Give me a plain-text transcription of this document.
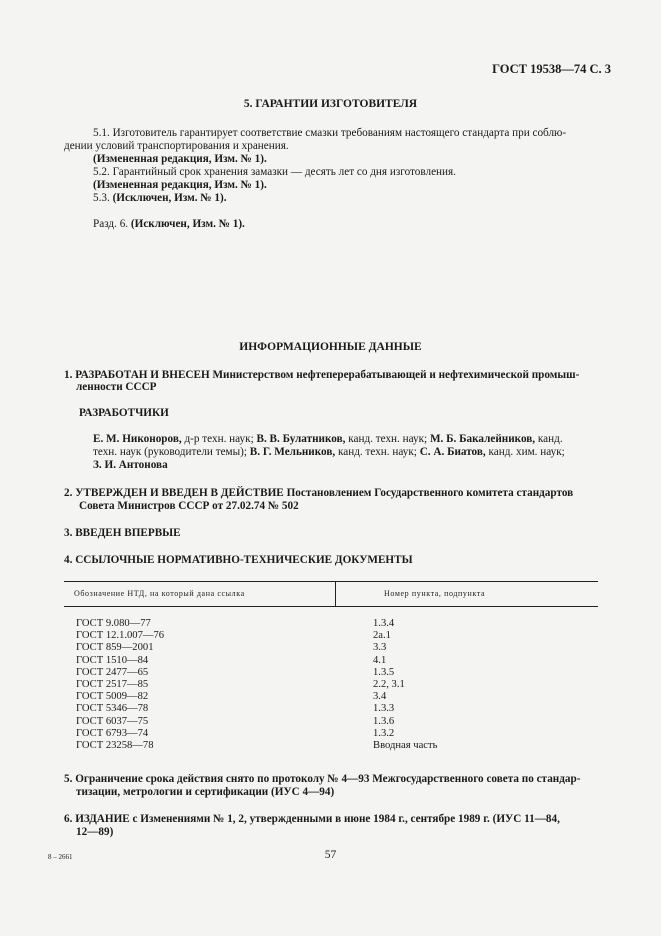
ГОСТ 19538—74 С. 3
5. ГАРАНТИИ ИЗГОТОВИТЕЛЯ
5.1. Изготовитель гарантирует соответствие смазки требованиям настоящего стандарта при соблю-
дении условий транспортирования и хранения.
(Измененная редакция, Изм. № 1).
5.2. Гарантийный срок хранения замазки — десять лет со дня изготовления.
(Измененная редакция, Изм. № 1).
5.3. (Исключен, Изм. № 1).
Разд. 6. (Исключен, Изм. № 1).
ИНФОРМАЦИОННЫЕ ДАННЫЕ
1. РАЗРАБОТАН И ВНЕСЕН Министерством нефтеперерабатывающей и нефтехимической промыш-
ленности СССР
РАЗРАБОТЧИКИ
Е. М. Никоноров, д-р техн. наук; В. В. Булатников, канд. техн. наук; М. Б. Бакалейников, канд.
техн. наук (руководители темы); В. Г. Мельников, канд. техн. наук; С. А. Биатов, канд. хим. наук;
З. И. Антонова
2. УТВЕРЖДЕН И ВВЕДЕН В ДЕЙСТВИЕ Постановлением Государственного комитета стандартов
Совета Министров СССР от 27.02.74 № 502
3. ВВЕДЕН ВПЕРВЫЕ
4. ССЫЛОЧНЫЕ НОРМАТИВНО-ТЕХНИЧЕСКИЕ ДОКУМЕНТЫ
Обозначение НТД, на который дана ссылка	Номер пункта, подпункта
ГОСТ 9.080—77
ГОСТ 12.1.007—76
ГОСТ 859—2001
ГОСТ 1510—84
ГОСТ 2477—65
ГОСТ 2517—85
ГОСТ 5009—82
ГОСТ 5346—78
ГОСТ 6037—75
ГОСТ 6793—74
ГОСТ 23258—78
1.3.4
2a.1
3.3
4.1
1.3.5
2.2, 3.1
3.4
1.3.3
1.3.6
1.3.2
Вводная часть
5. Ограничение срока действия снято по протоколу № 4—93 Межгосударственного совета по стандар-
тизации, метрологии и сертификации (ИУС 4—94)
6. ИЗДАНИЕ с Изменениями № 1, 2, утвержденными в июне 1984 г., сентябре 1989 г. (ИУС 11—84,
12—89)
8 – 2661	57
